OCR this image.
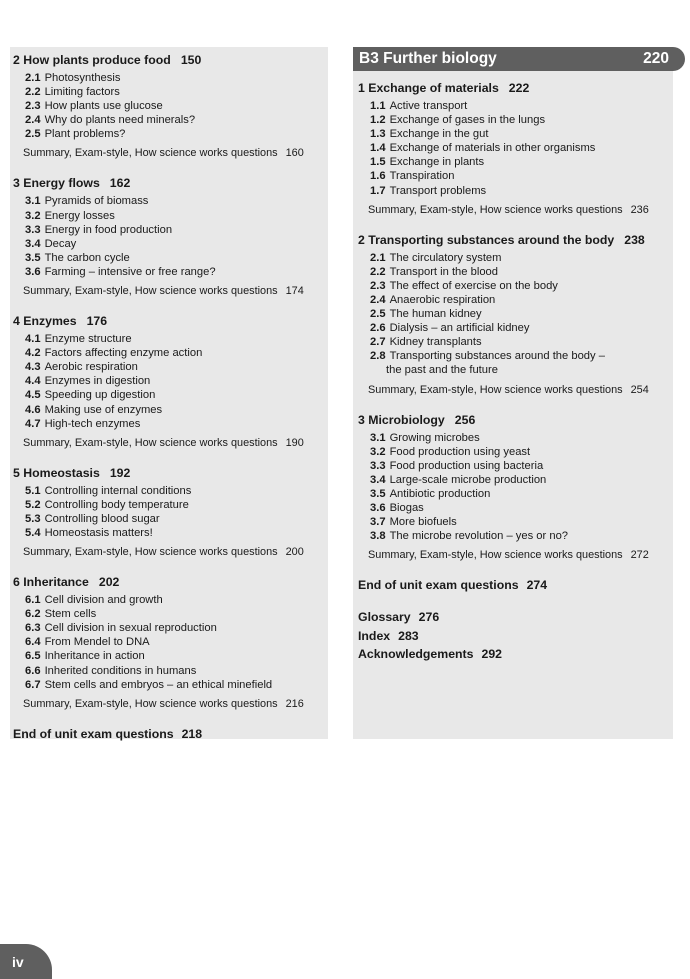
2 How plants produce food 150
2.1 Photosynthesis
2.2 Limiting factors
2.3 How plants use glucose
2.4 Why do plants need minerals?
2.5 Plant problems?
Summary, Exam-style, How science works questions 160
3 Energy flows 162
3.1 Pyramids of biomass
3.2 Energy losses
3.3 Energy in food production
3.4 Decay
3.5 The carbon cycle
3.6 Farming – intensive or free range?
Summary, Exam-style, How science works questions 174
4 Enzymes 176
4.1 Enzyme structure
4.2 Factors affecting enzyme action
4.3 Aerobic respiration
4.4 Enzymes in digestion
4.5 Speeding up digestion
4.6 Making use of enzymes
4.7 High-tech enzymes
Summary, Exam-style, How science works questions 190
5 Homeostasis 192
5.1 Controlling internal conditions
5.2 Controlling body temperature
5.3 Controlling blood sugar
5.4 Homeostasis matters!
Summary, Exam-style, How science works questions 200
6 Inheritance 202
6.1 Cell division and growth
6.2 Stem cells
6.3 Cell division in sexual reproduction
6.4 From Mendel to DNA
6.5 Inheritance in action
6.6 Inherited conditions in humans
6.7 Stem cells and embryos – an ethical minefield
Summary, Exam-style, How science works questions 216
End of unit exam questions 218
B3 Further biology	220
1 Exchange of materials 222
1.1 Active transport
1.2 Exchange of gases in the lungs
1.3 Exchange in the gut
1.4 Exchange of materials in other organisms
1.5 Exchange in plants
1.6 Transpiration
1.7 Transport problems
Summary, Exam-style, How science works questions 236
2 Transporting substances around the body 238
2.1 The circulatory system
2.2 Transport in the blood
2.3 The effect of exercise on the body
2.4 Anaerobic respiration
2.5 The human kidney
2.6 Dialysis – an artificial kidney
2.7 Kidney transplants
2.8 Transporting substances around the body –
the past and the future
Summary, Exam-style, How science works questions 254
3 Microbiology 256
3.1 Growing microbes
3.2 Food production using yeast
3.3 Food production using bacteria
3.4 Large-scale microbe production
3.5 Antibiotic production
3.6 Biogas
3.7 More biofuels
3.8 The microbe revolution – yes or no?
Summary, Exam-style, How science works questions 272
End of unit exam questions 274
Glossary 276
Index 283
Acknowledgements 292
iv
